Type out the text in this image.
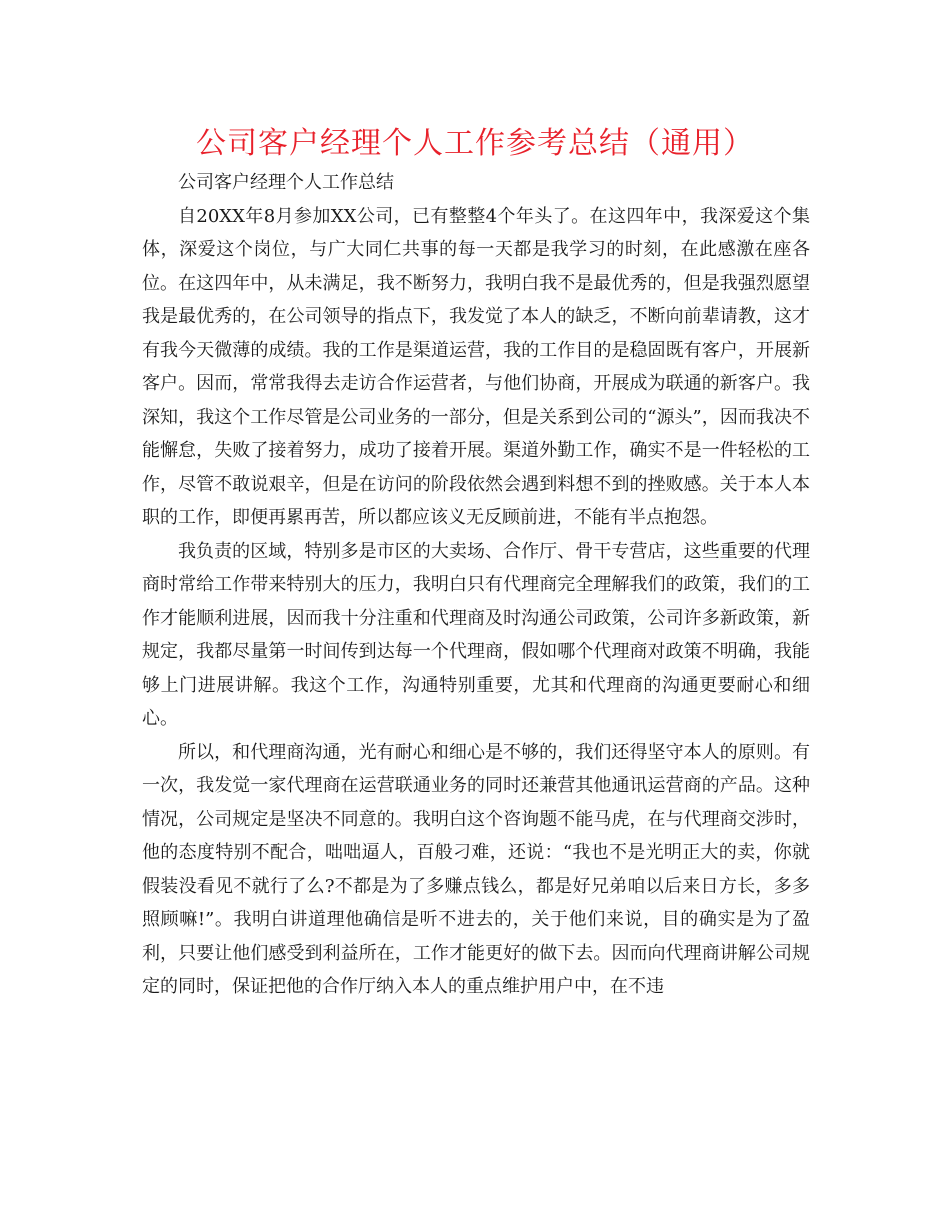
公司客户经理个人工作参考总结（通用）

公司客户经理个人工作总结

自20XX年8月参加XX公司，已有整整4个年头了。在这四年中，我深爱这个集体，深爱这个岗位，与广大同仁共事的每一天都是我学习的时刻，在此感激在座各位。在这四年中，从未满足，我不断努力，我明白我不是最优秀的，但是我强烈愿望我是最优秀的，在公司领导的指点下，我发觉了本人的缺乏，不断向前辈请教，这才有我今天微薄的成绩。我的工作是渠道运营，我的工作目的是稳固既有客户，开展新客户。因而，常常我得去走访合作运营者，与他们协商，开展成为联通的新客户。我深知，我这个工作尽管是公司业务的一部分，但是关系到公司的“源头”，因而我决不能懈怠，失败了接着努力，成功了接着开展。渠道外勤工作，确实不是一件轻松的工作，尽管不敢说艰辛，但是在访问的阶段依然会遇到料想不到的挫败感。关于本人本职的工作，即便再累再苦，所以都应该义无反顾前进，不能有半点抱怨。

我负责的区域，特别多是市区的大卖场、合作厅、骨干专营店，这些重要的代理商时常给工作带来特别大的压力，我明白只有代理商完全理解我们的政策，我们的工作才能顺利进展，因而我十分注重和代理商及时沟通公司政策，公司许多新政策，新规定，我都尽量第一时间传到达每一个代理商，假如哪个代理商对政策不明确，我能够上门进展讲解。我这个工作，沟通特别重要，尤其和代理商的沟通更要耐心和细心。

所以，和代理商沟通，光有耐心和细心是不够的，我们还得坚守本人的原则。有一次，我发觉一家代理商在运营联通业务的同时还兼营其他通讯运营商的产品。这种情况，公司规定是坚决不同意的。我明白这个咨询题不能马虎，在与代理商交涉时，他的态度特别不配合，咄咄逼人，百般刁难，还说：“我也不是光明正大的卖，你就假装没看见不就行了么?不都是为了多赚点钱么，都是好兄弟咱以后来日方长，多多照顾嘛!”。我明白讲道理他确信是听不进去的，关于他们来说，目的确实是为了盈利，只要让他们感受到利益所在，工作才能更好的做下去。因而向代理商讲解公司规定的同时，保证把他的合作厅纳入本人的重点维护用户中，在不违
